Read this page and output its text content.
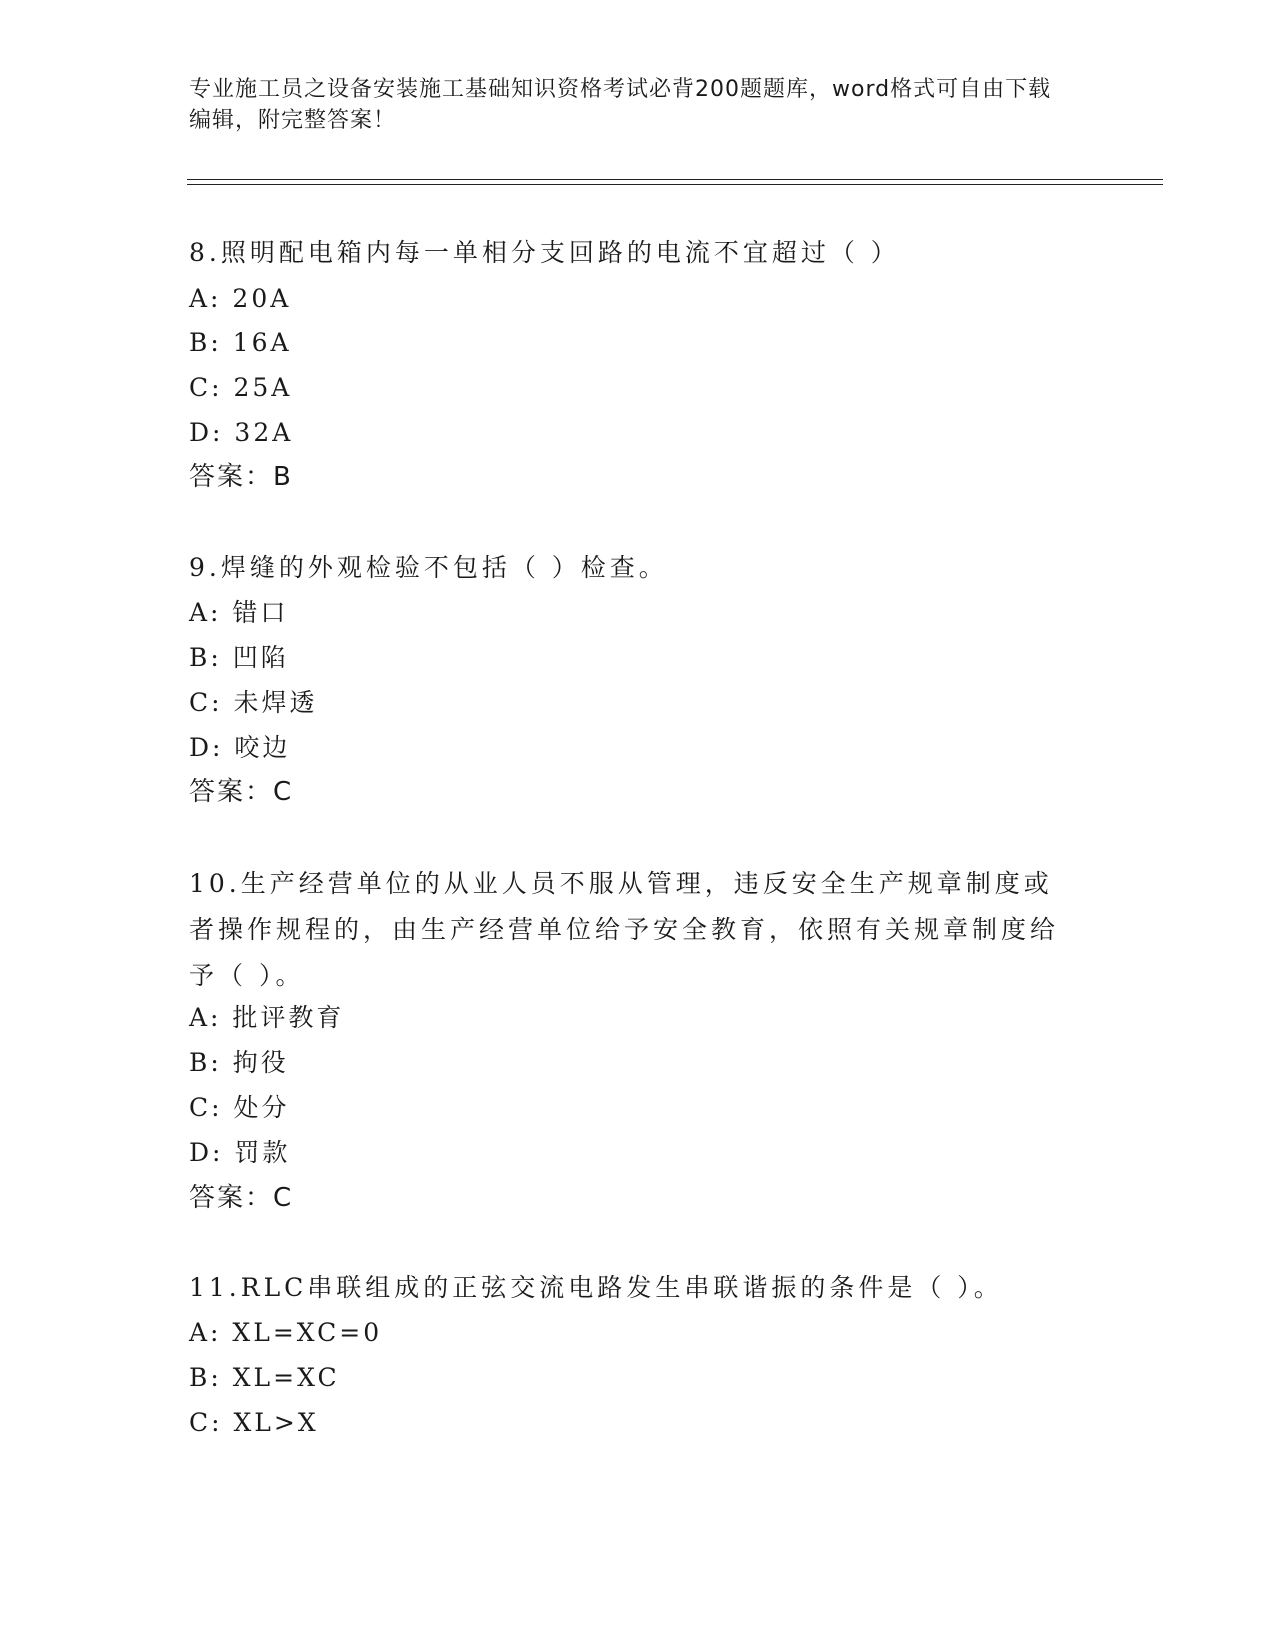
专业施工员之设备安装施工基础知识资格考试必背200题题库，word格式可自由下载编辑，附完整答案！
8.照明配电箱内每一单相分支回路的电流不宜超过（ ）
A: 20A
B: 16A
C: 25A
D: 32A
答案：B
9.焊缝的外观检验不包括（ ）检查。
A: 错口
B: 凹陷
C: 未焊透
D: 咬边
答案：C
10.生产经营单位的从业人员不服从管理，违反安全生产规章制度或者操作规程的，由生产经营单位给予安全教育，依照有关规章制度给予（ ）。
A: 批评教育
B: 拘役
C: 处分
D: 罚款
答案：C
11.RLC串联组成的正弦交流电路发生串联谐振的条件是（ ）。
A: XL=XC=0
B: XL=XC
C: XL>X
